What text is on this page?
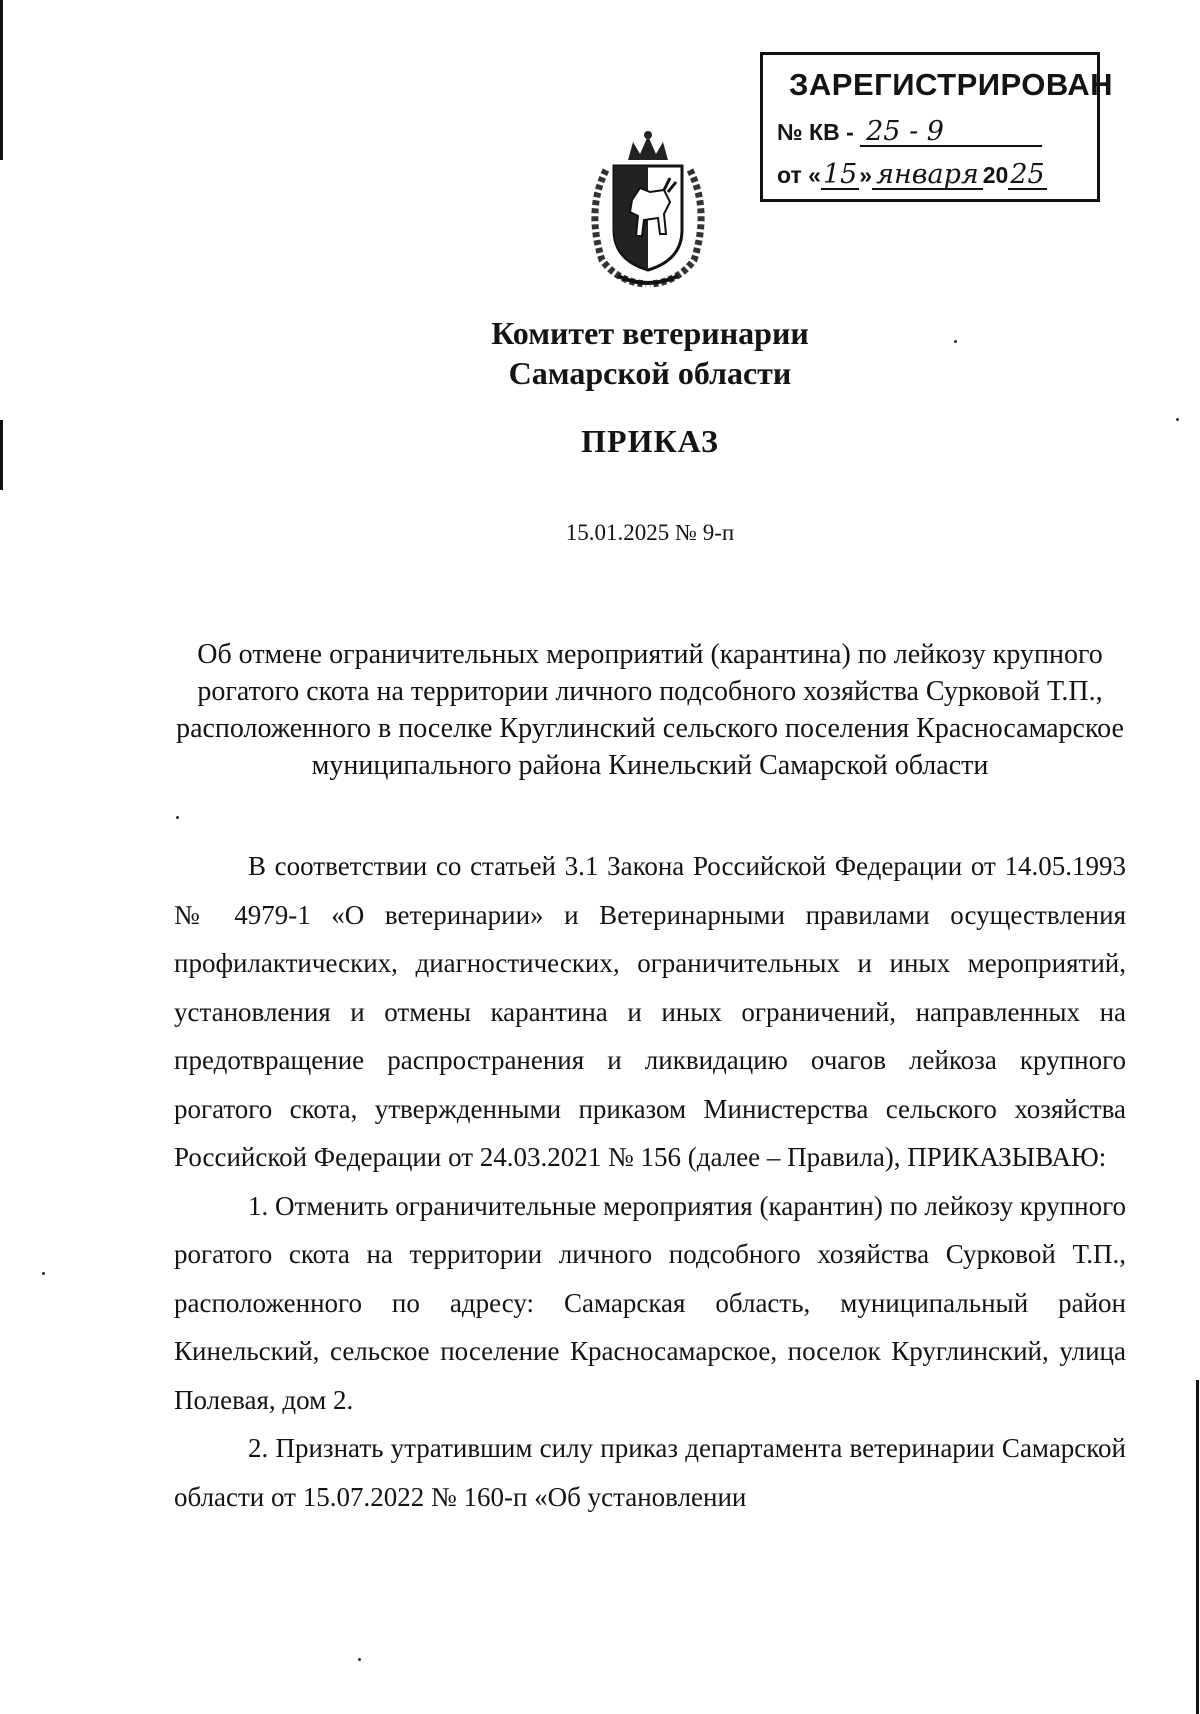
ЗАРЕГИСТРИРОВАН
№ КВ - 25 - 9
от «15» января 2025
Комитет ветеринарии
Самарской области
ПРИКАЗ
15.01.2025 № 9-п
Об отмене ограничительных мероприятий (карантина) по лейкозу крупного рогатого скота на территории личного подсобного хозяйства Сурковой Т.П., расположенного в поселке Круглинский сельского поселения Красносамарское муниципального района Кинельский Самарской области

В соответствии со статьей 3.1 Закона Российской Федерации от 14.05.1993 № 4979-1 «О ветеринарии» и Ветеринарными правилами осуществления профилактических, диагностических, ограничительных и иных мероприятий, установления и отмены карантина и иных ограничений, направленных на предотвращение распространения и ликвидацию очагов лейкоза крупного рогатого скота, утвержденными приказом Министерства сельского хозяйства Российской Федерации от 24.03.2021 № 156 (далее – Правила), ПРИКАЗЫВАЮ:

1. Отменить ограничительные мероприятия (карантин) по лейкозу крупного рогатого скота на территории личного подсобного хозяйства Сурковой Т.П., расположенного по адресу: Самарская область, муниципальный район Кинельский, сельское поселение Красносамарское, поселок Круглинский, улица Полевая, дом 2.

2. Признать утратившим силу приказ департамента ветеринарии Самарской области от 15.07.2022 № 160-п «Об установлении
